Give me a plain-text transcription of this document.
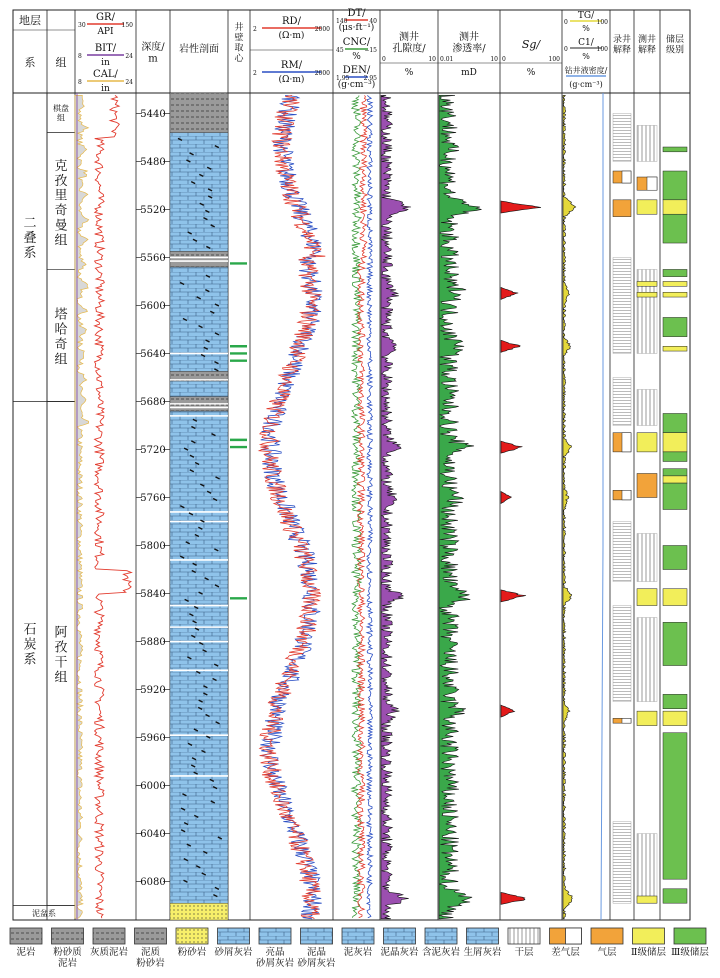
地层
系 组
GR/
30	150
API
BIT/
8	24
in
CAL/
8	24
in
深度/ m
岩性剖面
井壁取心
RD/
2	2000
(Ω·m)
RM/
2	2000
(Ω·m)
DT/
140	40
(μs·ft⁻¹)
CNC/
45	−15
%
DEN/
1.95 2.95
(g·cm⁻³)
测井孔隙度/
0	10
%
测井渗透率/
0.01	10
mD
Sg/
0	100
%
TG/
0	100
%
C1/
0	100
%
钻井液密度/
(g·cm⁻³)
录井解释
测井解释
储层级别
二叠系
石炭系
泥盆系
棋盘组
克孜里奇曼组
塔哈奇组
阿孜干组
5440
5480
5520
5560
5600
5640
5680
5720
5760
5800
5840
5880
5920
5960
6000
6040
6080
泥岩 粉砂质泥岩
灰质泥岩	泥质粉砂岩
粉砂岩 砂屑灰岩	亮晶砂屑灰岩
泥晶砂屑灰岩
泥灰岩 泥晶灰岩 含泥灰岩 生屑灰岩 干层 差气层 气层 Ⅱ级储层 Ⅲ级储层
